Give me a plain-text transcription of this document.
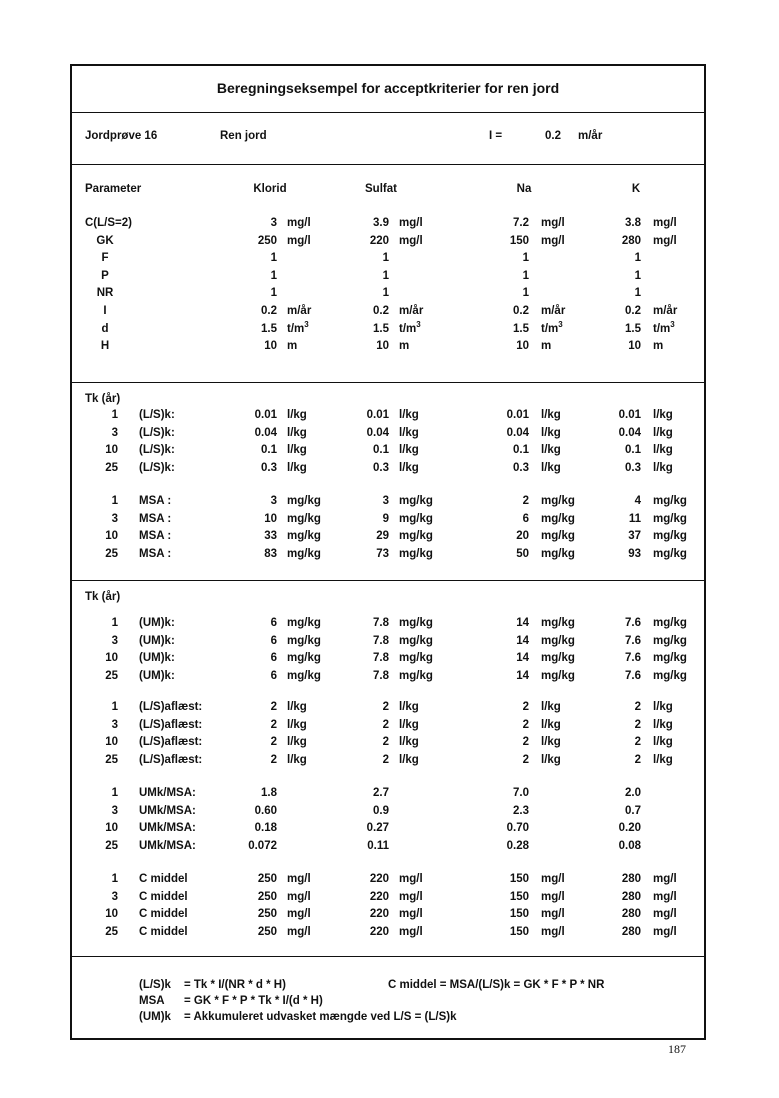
Beregningseksempel for acceptkriterier for ren jord
Jordprøve 16	Ren jord	I =	0.2 m/år
Parameter	Klorid	Sulfat	Na	K
C(L/S=2)	3 mg/l	3.9 mg/l	7.2 mg/l	3.8 mg/l
GK	250 mg/l	220 mg/l	150 mg/l	280 mg/l
F	1	1	1	1
P	1	1	1	1
NR	1	1	1	1
I	0.2 m/år	0.2 m/år	0.2 m/år	0.2 m/år
d	1.5 $t/m^3$	1.5 $t/m^3$	1.5 $t/m^3$	1.5 $t/m^3$
H	10 m	10 m	10 m	10 m
Tk (år)
Tk (år)
1 (L/S)k:	0.01 l/kg	0.01 l/kg	0.01 l/kg	0.01 l/kg
3 (L/S)k:	0.04 l/kg	0.04 l/kg	0.04 l/kg	0.04 l/kg
10 (L/S)k:	0.1 l/kg	0.1 l/kg	0.1 l/kg	0.1 l/kg
25 (L/S)k:	0.3 l/kg	0.3 l/kg	0.3 l/kg	0.3 l/kg
1 MSA :	3 mg/kg	3 mg/kg	2 mg/kg	4 mg/kg
3 MSA :	10 mg/kg	9 mg/kg	6 mg/kg	11 mg/kg
10 MSA :	33 mg/kg	29 mg/kg	20 mg/kg	37 mg/kg
25 MSA :	83 mg/kg	73 mg/kg	50 mg/kg	93 mg/kg
1 (UM)k:	6 mg/kg	7.8 mg/kg	14 mg/kg	7.6 mg/kg
3 (UM)k:	6 mg/kg	7.8 mg/kg	14 mg/kg	7.6 mg/kg
10 (UM)k:	6 mg/kg	7.8 mg/kg	14 mg/kg	7.6 mg/kg
25 (UM)k:	6 mg/kg	7.8 mg/kg	14 mg/kg	7.6 mg/kg
1 (L/S)aflæst:	2 l/kg	2 l/kg	2 l/kg	2 l/kg
3 (L/S)aflæst:	2 l/kg	2 l/kg	2 l/kg	2 l/kg
10 (L/S)aflæst:	2 l/kg	2 l/kg	2 l/kg	2 l/kg
25 (L/S)aflæst:	2 l/kg	2 l/kg	2 l/kg	2 l/kg
1 UMk/MSA:	1.8	2.7	7.0	2.0
3 UMk/MSA:	0.60	0.9	2.3	0.7
10 UMk/MSA:	0.18	0.27	0.70	0.20
25 UMk/MSA:	0.072	0.11	0.28	0.08
1 C middel	250 mg/l	220 mg/l	150 mg/l	280 mg/l
3 C middel	250 mg/l	220 mg/l	150 mg/l	280 mg/l
10 C middel	250 mg/l	220 mg/l	150 mg/l	280 mg/l
25 C middel	250 mg/l	220 mg/l	150 mg/l	280 mg/l
(L/S)k = Tk * I/(NR * d * H)	C middel = MSA/(L/S)k = GK * F * P * NR
MSA = GK * F * P * Tk * I/(d * H)
(UM)k = Akkumuleret udvasket mængde ved L/S = (L/S)k
187
